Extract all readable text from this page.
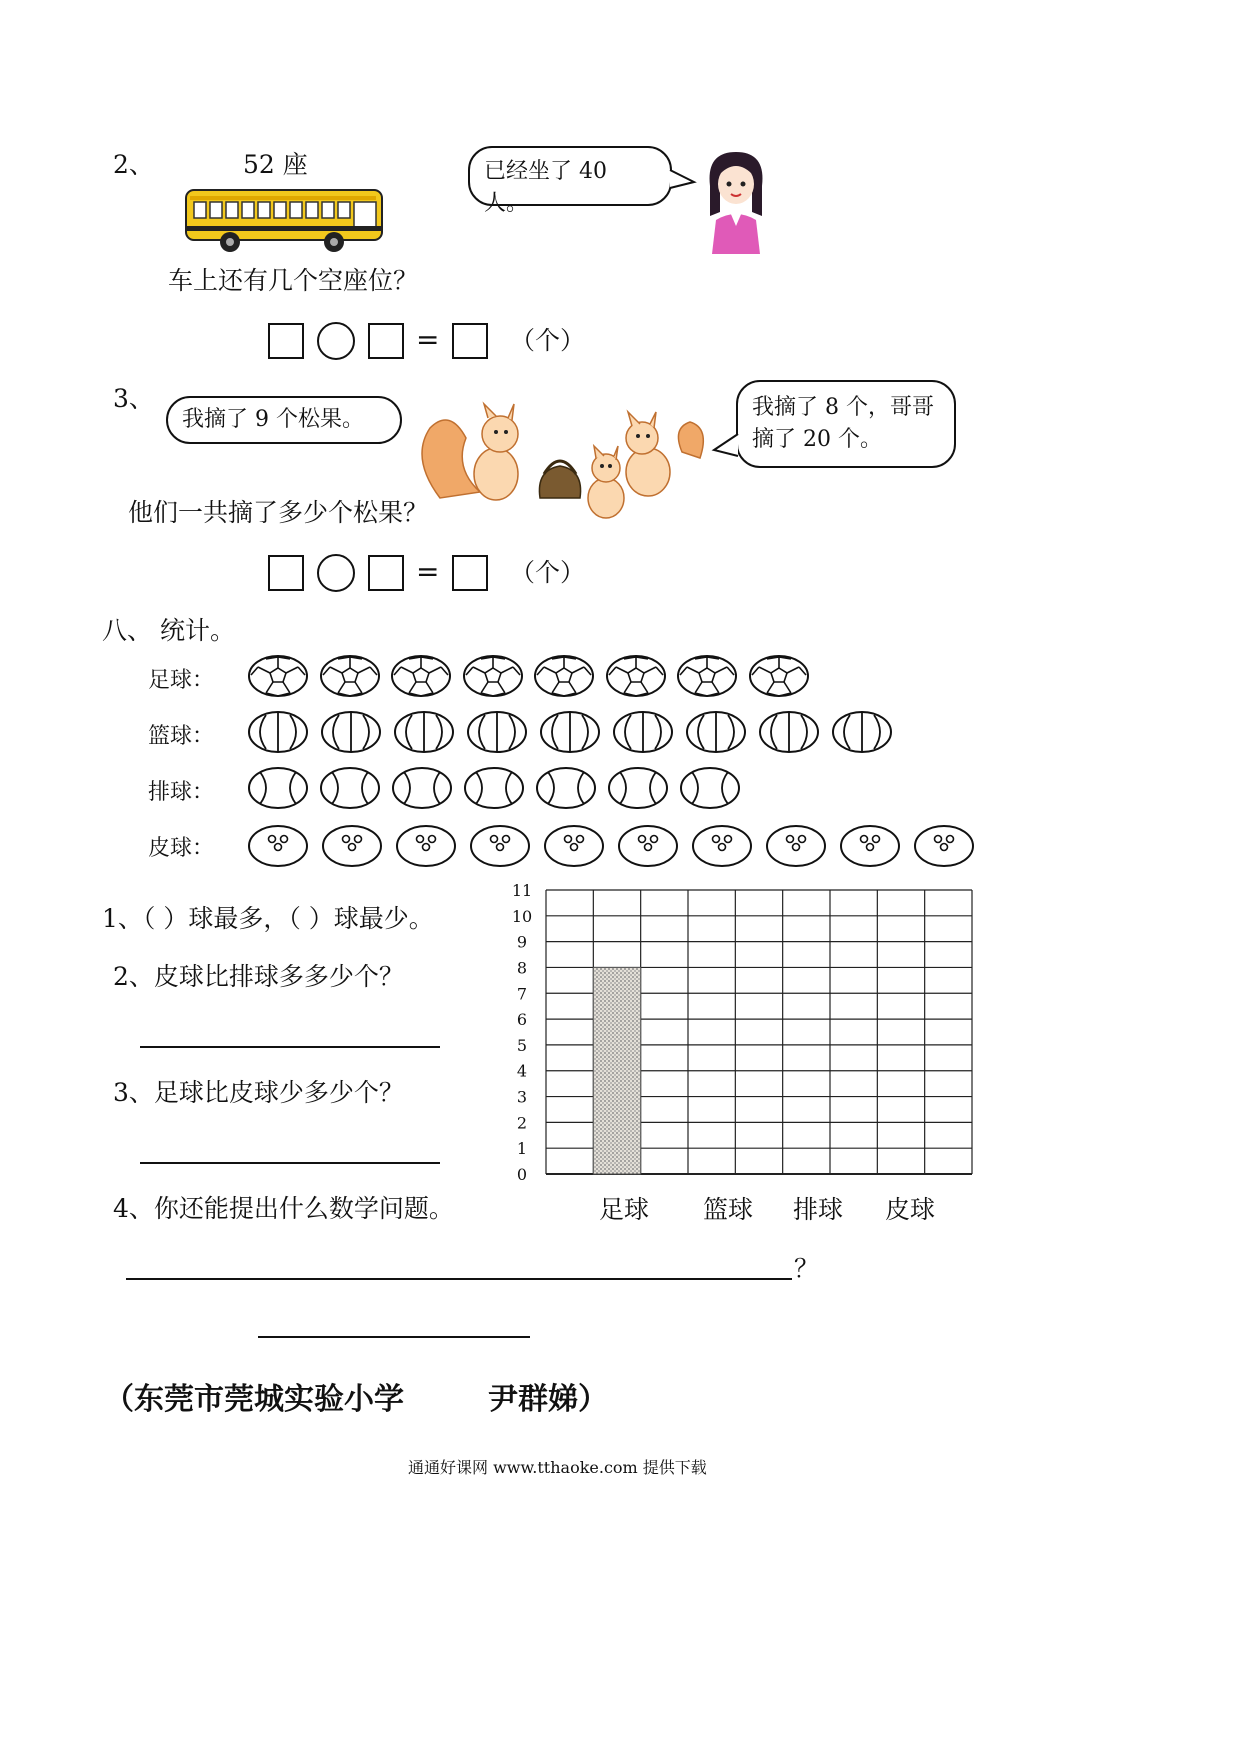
2、	52 座	已经坐了 40 人。
车上还有几个空座位？
=	（个）
3、
我摘了 9 个松果。	我摘了 8 个，哥哥
摘了 20 个。
他们一共摘了多少个松果？
=	（个）
八、 统计。
足球：
篮球：
排球：
皮球：
1、（ ）球最多，（ ）球最少。
2、皮球比排球多多少个？
3、足球比皮球少多少个？
4、你还能提出什么数学问题。
？
0
1
2
3
4
5
6
7
8
9
10
11
足球 篮球 排球 皮球
（东莞市莞城实验小学	尹群娣）
通通好课网 www.tthaoke.com 提供下载
